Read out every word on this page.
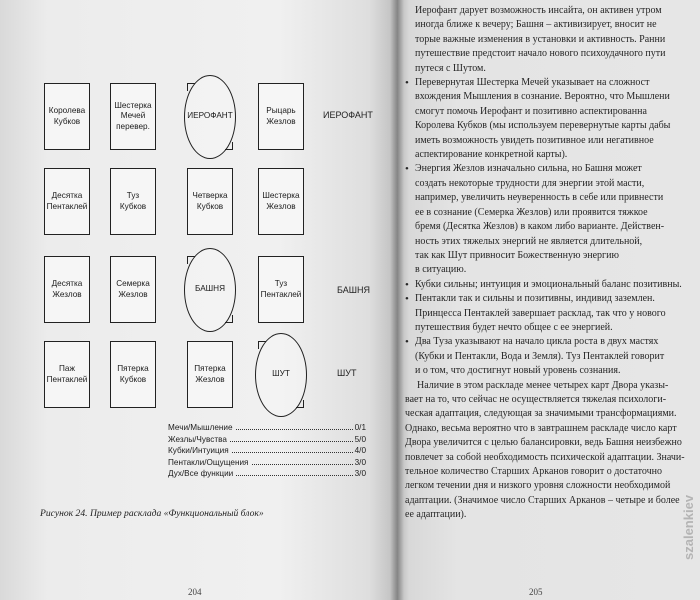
Королева Кубков
Шестерка Мечей перевер.
ИЕРОФАНТ
Рыцарь Жезлов
Десятка Пентаклей
Туз Кубков
Четверка Кубков
Шестерка Жезлов
Десятка Жезлов
Семерка Жезлов
БАШНЯ
Туз Пентаклей
Паж Пентаклей
Пятерка Кубков
Пятерка Жезлов
ШУТ
ИЕРОФАНТ
БАШНЯ
ШУТ
Мечи/Мышление	0/1
Жезлы/Чувства	5/0
Кубки/Интуиция	4/0
Пентакли/Ощущения	3/0
Дух/Все функции	3/0
Рисунок 24. Пример расклада «Функциональный блок»
204

Иерофант дарует возможность инсайта, он активен утром

иногда ближе к вечеру; Башня – активизирует, вносит не

торые важные изменения в установки и активность. Ранни

путешествие предстоит начало нового психоудачного пути

путеся с Шутом.

• Перевернутая Шестерка Мечей указывает на сложност

вхождения Мышления в сознание. Вероятно, что Мышлени

смогут помочь Иерофант и позитивно аспектированна

Королева Кубков (мы используем перевернутые карты дабы

иметь возможность увидеть позитивное или негативное

аспектирование конкретной карты).

• Энергия Жезлов изначально сильна, но Башня может

создать некоторые трудности для энергии этой масти,

например, увеличить неуверенность в себе или привнести

ее в сознание (Семерка Жезлов) или проявится тяжкое

бремя (Десятка Жезлов) в каком либо варианте. Действен-

ность этих тяжелых энергий не является длительной,

так как Шут привносит Божественную энергию

в ситуацию.

• Кубки сильны; интуиция и эмоциональный баланс позитивны.

• Пентакли так и сильны и позитивны, индивид заземлен.

Принцесса Пентаклей завершает расклад, так что у нового

путешествия будет нечто общее с ее энергией.

• Два Туза указывают на начало цикла роста в двух мастях

(Кубки и Пентакли, Вода и Земля). Туз Пентаклей говорит

и о том, что достигнут новый уровень сознания.

Наличие в этом раскладе менее четырех карт Двора указы-

вает на то, что сейчас не осуществляется тяжелая психологи-

ческая адаптация, следующая за значимыми трансформациями.

Однако, весьма вероятно что в завтрашнем раскладе число карт

Двора увеличится с целью балансировки, ведь Башня неизбежно

повлечет за собой необходимость психической адаптации. Значи-

тельное количество Старших Арканов говорит о достаточно

легком течении дня и низкого уровня сложности необходимой

адаптации. (Значимое число Старших Арканов – четыре и более

ее адаптации).

205
szalenkiev
